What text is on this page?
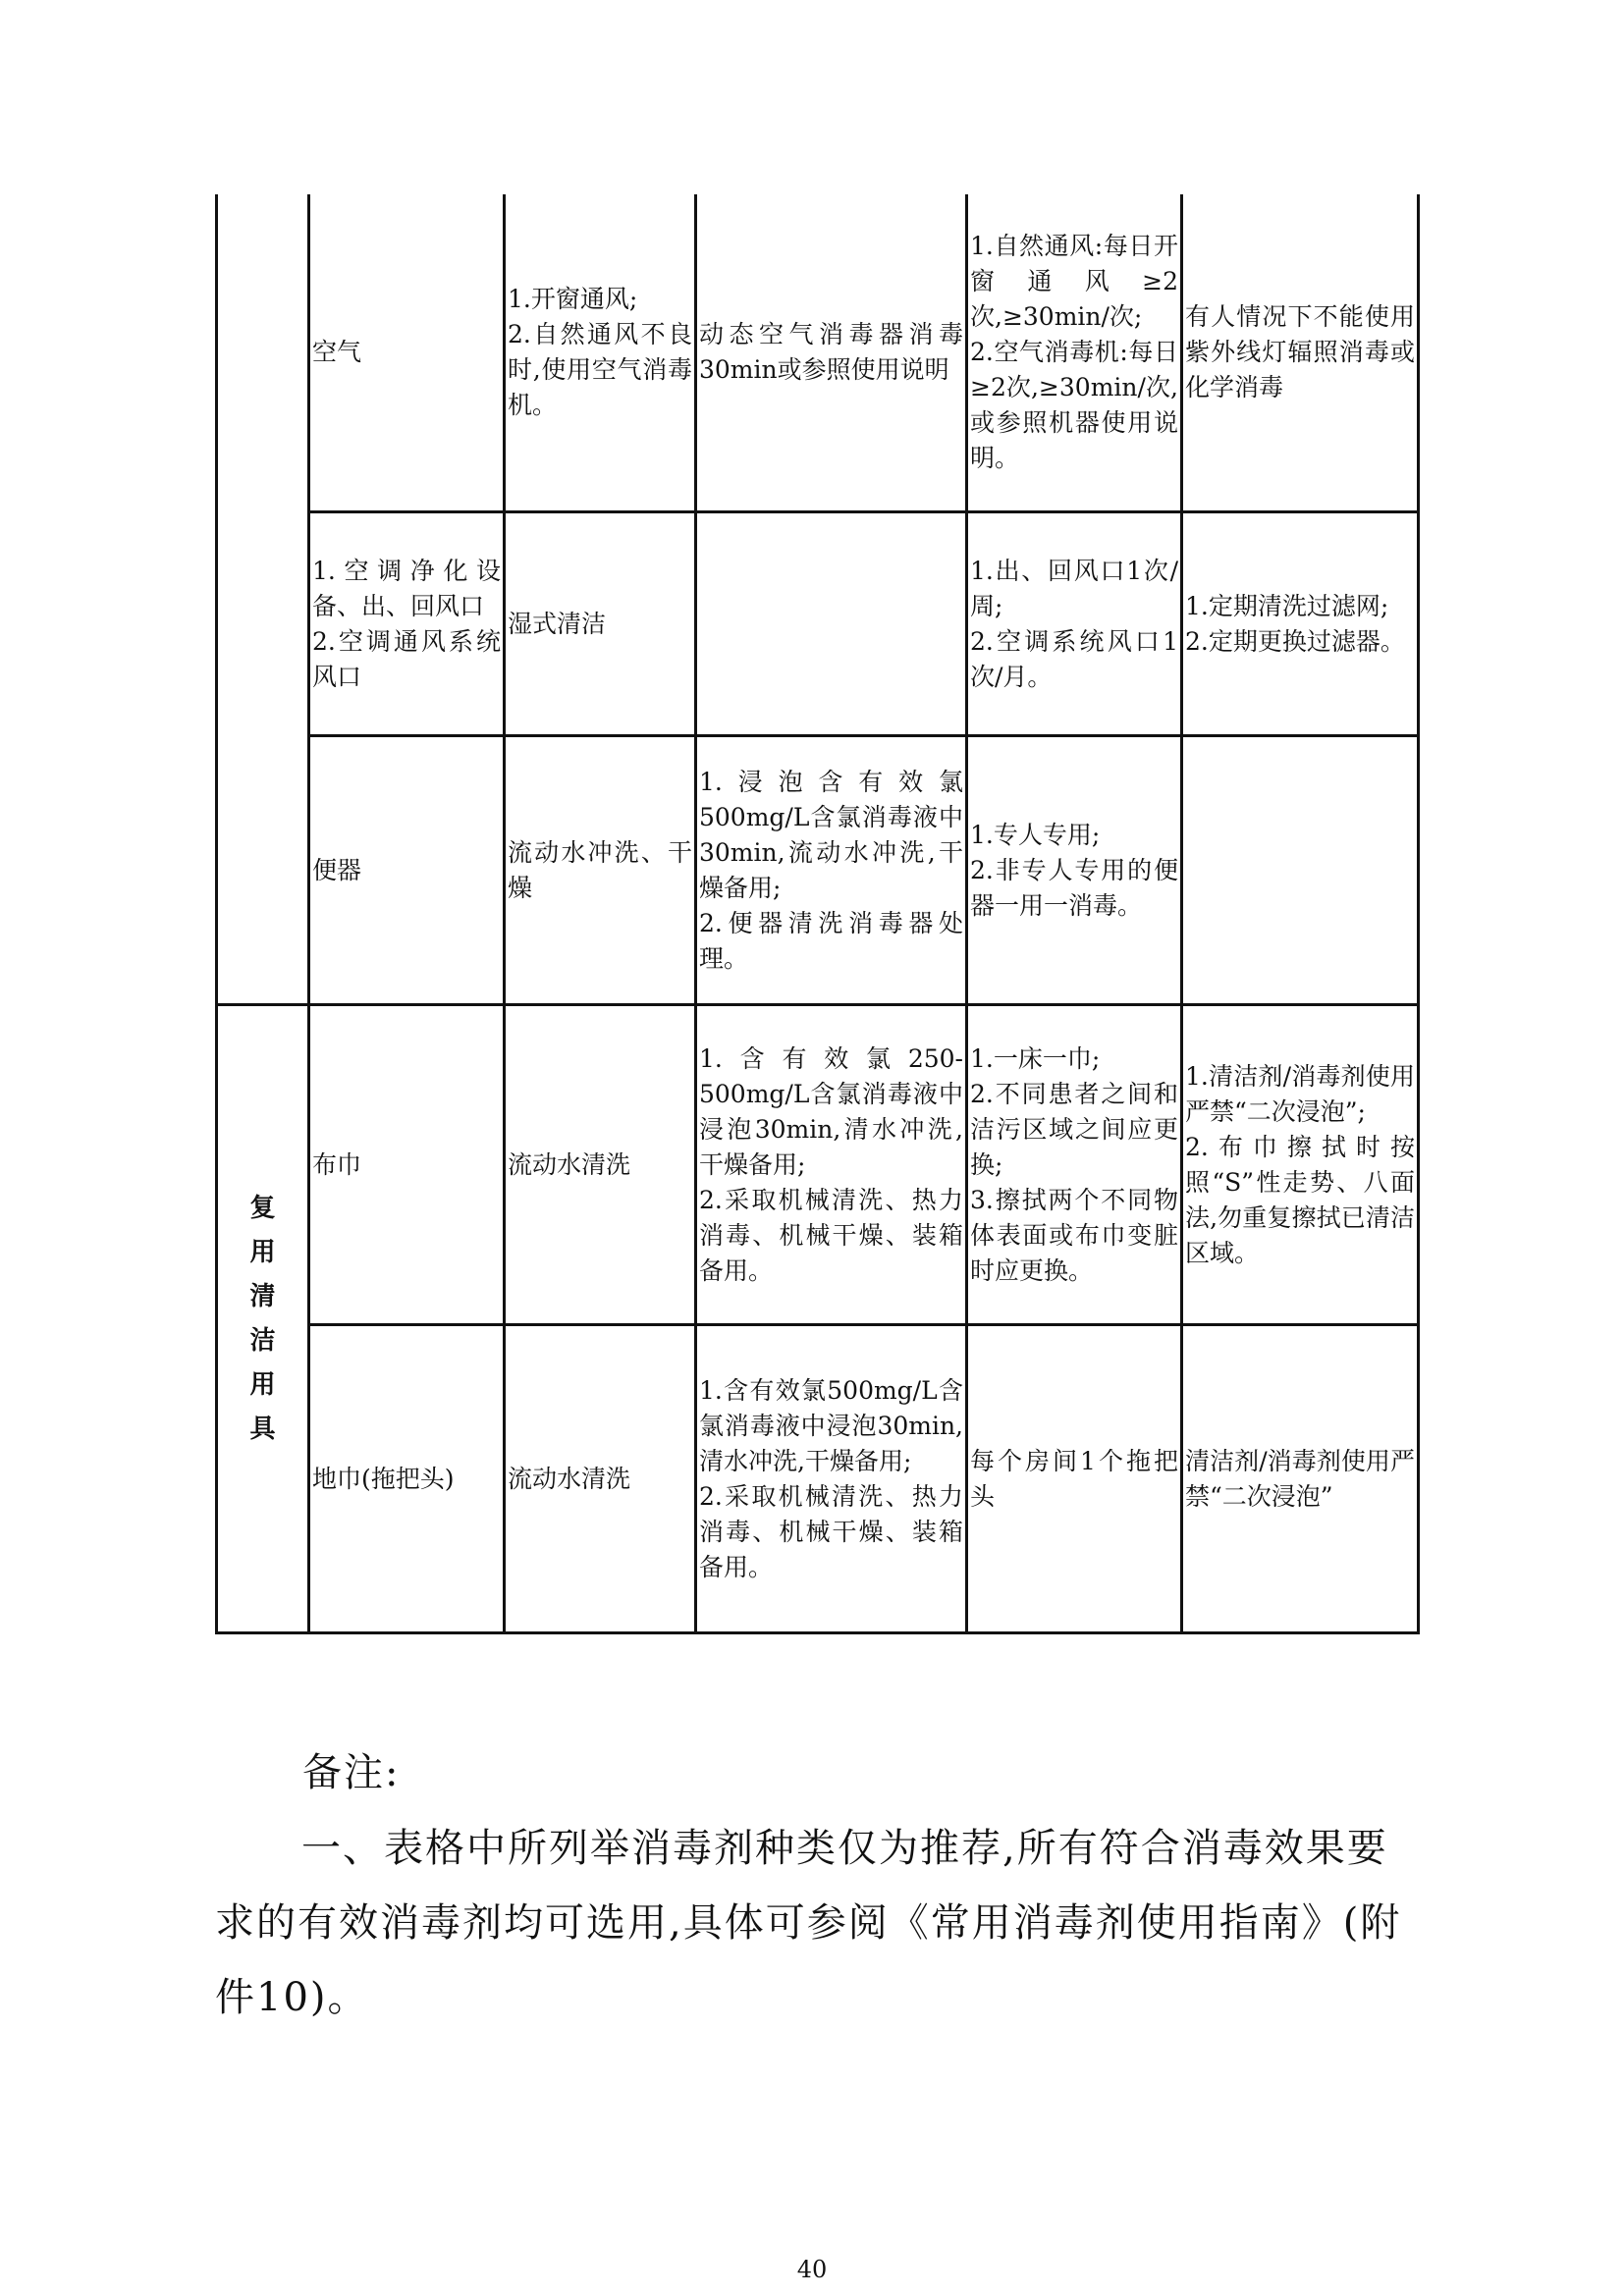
复
用
清
洁
用
具
空气
1.开窗通风;
2.自然通风不良时,使用空气消毒机。
动态空气消毒器消毒30min或参照使用说明
1.自然通风:每日开窗通风≥2次,≥30min/次;
2.空气消毒机:每日≥2次,≥30min/次,或参照机器使用说明。
有人情况下不能使用紫外线灯辐照消毒或化学消毒
1.空调净化设备、出、回风口
2.空调通风系统风口
湿式清洁
1.出、回风口1次/周;
2.空调系统风口1次/月。
1.定期清洗过滤网;
2.定期更换过滤器。
便器
流动水冲洗、干燥
1.浸泡含有效氯500mg/L含氯消毒液中30min,流动水冲洗,干燥备用;
2.便器清洗消毒器处理。
1.专人专用;
2.非专人专用的便器一用一消毒。
布巾	流动水清洗
1.含有效氯250-500mg/L含氯消毒液中浸泡30min,清水冲洗,干燥备用;
2.采取机械清洗、热力消毒、机械干燥、装箱备用。
1.一床一巾;
2.不同患者之间和洁污区域之间应更换;
3.擦拭两个不同物体表面或布巾变脏时应更换。
1.清洁剂/消毒剂使用严禁“二次浸泡”;
2.布巾擦拭时按照“S”性走势、八面法,勿重复擦拭已清洁区域。
地巾(拖把头)	流动水清洗
1.含有效氯500mg/L含氯消毒液中浸泡30min,清水冲洗,干燥备用;
2.采取机械清洗、热力消毒、机械干燥、装箱备用。
每个房间1个拖把头
清洁剂/消毒剂使用严禁“二次浸泡”
备注:
一、表格中所列举消毒剂种类仅为推荐,所有符合消毒效果要求的有效消毒剂均可选用,具体可参阅《常用消毒剂使用指南》(附件10)。
40
